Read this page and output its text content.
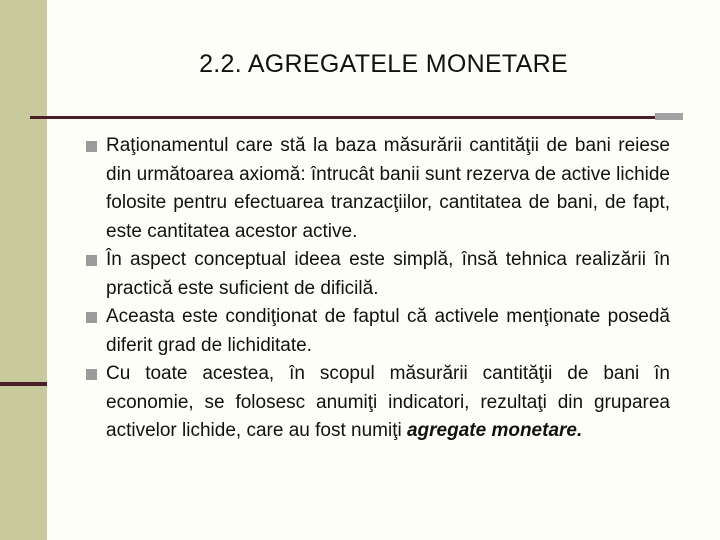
2.2. AGREGATELE MONETARE
Raţionamentul care stă la baza măsurării cantităţii de bani reiese din următoarea axiomă: întrucât banii sunt rezerva de active lichide folosite pentru efectuarea tranzacţiilor, cantitatea de bani, de fapt, este cantitatea acestor active.
În aspect conceptual ideea este simplă, însă tehnica realizării în practică este suficient de dificilă.
Aceasta este condiţionat de faptul că activele menţionate posedă diferit grad de lichiditate.
Cu toate acestea, în scopul măsurării cantităţii de bani în economie, se folosesc anumiţi indicatori, rezultaţi din gruparea activelor lichide, care au fost numiţi agregate monetare.
